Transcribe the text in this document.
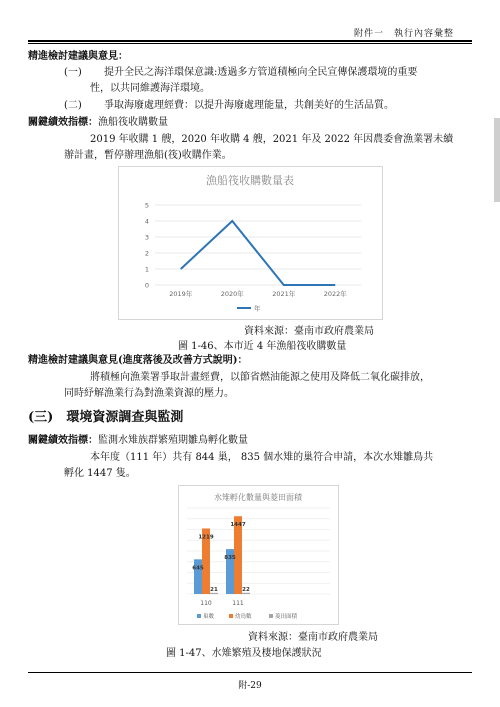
附件一　執行內容彙整
精進檢討建議與意見：
(一) 提升全民之海洋環保意識:透過多方管道積極向全民宣傳保護環境的重要
性，以共同維護海洋環境。
(二) 爭取海廢處理經費：以提升海廢處理能量，共創美好的生活品質。
關鍵績效指標：漁船筏收購數量
2019 年收購 1 艘，2020 年收購 4 艘，2021 年及 2022 年因農委會漁業署未續
辦計畫，暫停辦理漁船(筏)收購作業。
漁船筏收購數量表
0
1
2
3
4
5
2019年	2020年	2021年	2022年
年
資料來源：臺南市政府農業局
圖 1-46、本市近 4 年漁船筏收購數量
精進檢討建議與意見(進度落後及改善方式說明)：
將積極向漁業署爭取計畫經費，以節省燃油能源之使用及降低二氧化碳排放，
同時紓解漁業行為對漁業資源的壓力。
(三)  環境資源調查與監測
關鍵績效指標：監測水雉族群繁殖期雛鳥孵化數量
本年度（111 年）共有 844 巢， 835 個水雉的巢符合申請，本次水雉雛鳥共
孵化 1447 隻。
水雉孵化數量與菱田面積
645
1219
21
835
1447
22
110	111
巢數	幼鳥數	菱田面積
資料來源：臺南市政府農業局
圖 1-47、水雉繁殖及棲地保護狀況
附-29
